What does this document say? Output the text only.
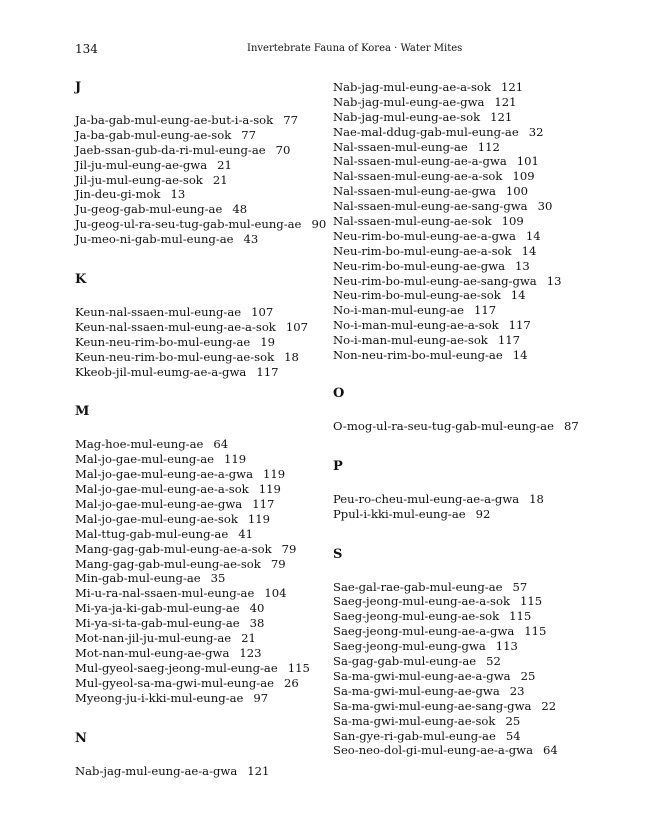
134	Invertebrate Fauna of Korea · Water Mites
J
Ja-ba-gab-mul-eung-ae-but-i-a-sok 77
Ja-ba-gab-mul-eung-ae-sok 77
Jaeb-ssan-gub-da-ri-mul-eung-ae 70
Jil-ju-mul-eung-ae-gwa 21
Jil-ju-mul-eung-ae-sok 21
Jin-deu-gi-mok 13
Ju-geog-gab-mul-eung-ae 48
Ju-geog-ul-ra-seu-tug-gab-mul-eung-ae 90
Ju-meo-ni-gab-mul-eung-ae 43
K
Keun-nal-ssaen-mul-eung-ae 107
Keun-nal-ssaen-mul-eung-ae-a-sok 107
Keun-neu-rim-bo-mul-eung-ae 19
Keun-neu-rim-bo-mul-eung-ae-sok 18
Kkeob-jil-mul-eumg-ae-a-gwa 117
M
Mag-hoe-mul-eung-ae 64
Mal-jo-gae-mul-eung-ae 119
Mal-jo-gae-mul-eung-ae-a-gwa 119
Mal-jo-gae-mul-eung-ae-a-sok 119
Mal-jo-gae-mul-eung-ae-gwa 117
Mal-jo-gae-mul-eung-ae-sok 119
Mal-ttug-gab-mul-eung-ae 41
Mang-gag-gab-mul-eung-ae-a-sok 79
Mang-gag-gab-mul-eung-ae-sok 79
Min-gab-mul-eung-ae 35
Mi-u-ra-nal-ssaen-mul-eung-ae 104
Mi-ya-ja-ki-gab-mul-eung-ae 40
Mi-ya-si-ta-gab-mul-eung-ae 38
Mot-nan-jil-ju-mul-eung-ae 21
Mot-nan-mul-eung-ae-gwa 123
Mul-gyeol-saeg-jeong-mul-eung-ae 115
Mul-gyeol-sa-ma-gwi-mul-eung-ae 26
Myeong-ju-i-kki-mul-eung-ae 97
N
Nab-jag-mul-eung-ae-a-gwa 121
Nab-jag-mul-eung-ae-a-sok 121
Nab-jag-mul-eung-ae-gwa 121
Nab-jag-mul-eung-ae-sok 121
Nae-mal-ddug-gab-mul-eung-ae 32
Nal-ssaen-mul-eung-ae 112
Nal-ssaen-mul-eung-ae-a-gwa 101
Nal-ssaen-mul-eung-ae-a-sok 109
Nal-ssaen-mul-eung-ae-gwa 100
Nal-ssaen-mul-eung-ae-sang-gwa 30
Nal-ssaen-mul-eung-ae-sok 109
Neu-rim-bo-mul-eung-ae-a-gwa 14
Neu-rim-bo-mul-eung-ae-a-sok 14
Neu-rim-bo-mul-eung-ae-gwa 13
Neu-rim-bo-mul-eung-ae-sang-gwa 13
Neu-rim-bo-mul-eung-ae-sok 14
No-i-man-mul-eung-ae 117
No-i-man-mul-eung-ae-a-sok 117
No-i-man-mul-eung-ae-sok 117
Non-neu-rim-bo-mul-eung-ae 14
O
O-mog-ul-ra-seu-tug-gab-mul-eung-ae 87
P
Peu-ro-cheu-mul-eung-ae-a-gwa 18
Ppul-i-kki-mul-eung-ae 92
S
Sae-gal-rae-gab-mul-eung-ae 57
Saeg-jeong-mul-eung-ae-a-sok 115
Saeg-jeong-mul-eung-ae-sok 115
Saeg-jeong-mul-eung-ae-a-gwa 115
Saeg-jeong-mul-eung-gwa 113
Sa-gag-gab-mul-eung-ae 52
Sa-ma-gwi-mul-eung-ae-a-gwa 25
Sa-ma-gwi-mul-eung-ae-gwa 23
Sa-ma-gwi-mul-eung-ae-sang-gwa 22
Sa-ma-gwi-mul-eung-ae-sok 25
San-gye-ri-gab-mul-eung-ae 54
Seo-neo-dol-gi-mul-eung-ae-a-gwa 64
